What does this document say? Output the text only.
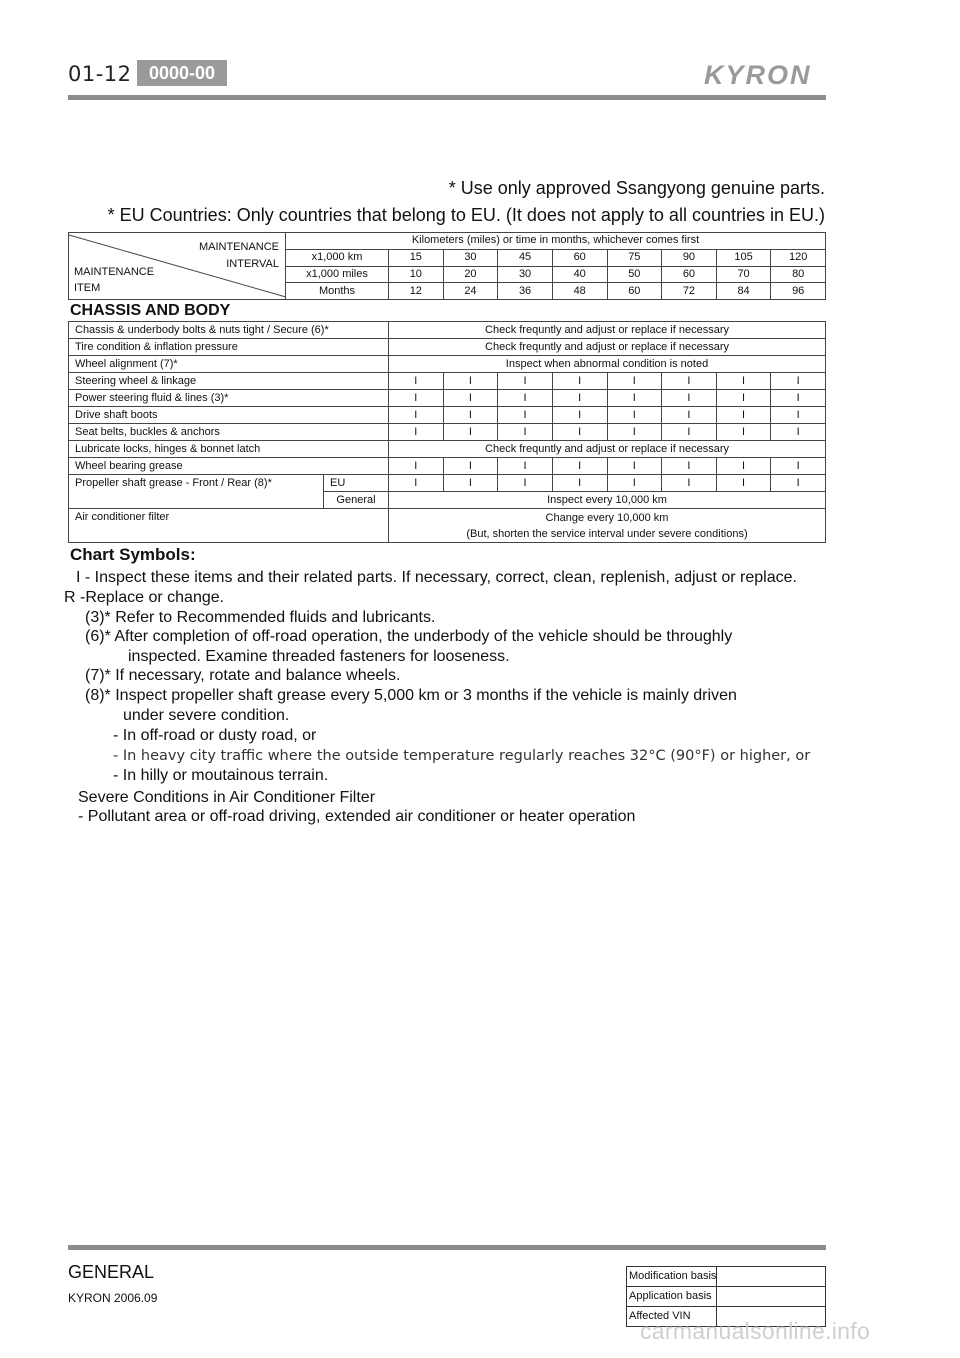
01-12 0000-00	KYRON
* Use only approved Ssangyong genuine parts.
* EU Countries: Only countries that belong to EU. (It does not apply to all countries in EU.)
MAINTENANCE
INTERVAL
MAINTENANCE
ITEM	Kilometers (miles) or time in months, whichever comes first								
	x1,000 km	15	30	45	60	75	90	105	120
	x1,000 miles	10	20	30	40	50	60	70	80
	Months	12	24	36	48	60	72	84	96
CHASSIS AND BODY
Chassis & underbody bolts & nuts tight / Secure (6)*		Check frequntly and adjust or replace if necessary							
Tire condition & inflation pressure		Check frequntly and adjust or replace if necessary							
Wheel alignment (7)*		Inspect when abnormal condition is noted							
Steering wheel & linkage		I	I	I	I	I	I	I	I
Power steering fluid & lines (3)*		I	I	I	I	I	I	I	I
Drive shaft boots		I	I	I	I	I	I	I	I
Seat belts, buckles & anchors		I	I	I	I	I	I	I	I
Lubricate locks, hinges & bonnet latch		Check frequntly and adjust or replace if necessary							
Wheel bearing grease		I	I	I	I	I	I	I	I
Propeller shaft grease - Front / Rear (8)*	EU	I	I	I	I	I	I	I	I
	General	Inspect every 10,000 km							
Air conditioner filter		Change every 10,000 km
(But, shorten the service interval under severe conditions)							
Chart Symbols:
I - Inspect these items and their related parts. If necessary, correct, clean, replenish, adjust or replace.
R -Replace or change.
(3)* Refer to Recommended fluids and lubricants.
(6)* After completion of off-road operation, the underbody of the vehicle should be throughly
inspected. Examine threaded fasteners for looseness.
(7)* If necessary, rotate and balance wheels.
(8)* Inspect propeller shaft grease every 5,000 km or 3 months if the vehicle is mainly driven
under severe condition.
- In off-road or dusty road, or
- In heavy city traffic where the outside temperature regularly reaches 32°C (90°F) or higher, or
- In hilly or moutainous terrain.
Severe Conditions in Air Conditioner Filter
- Pollutant area or off-road driving, extended air conditioner or heater operation
GENERAL
KYRON 2006.09
Modification basis	
Application basis	
Affected VIN	
carmanualsonline.info
